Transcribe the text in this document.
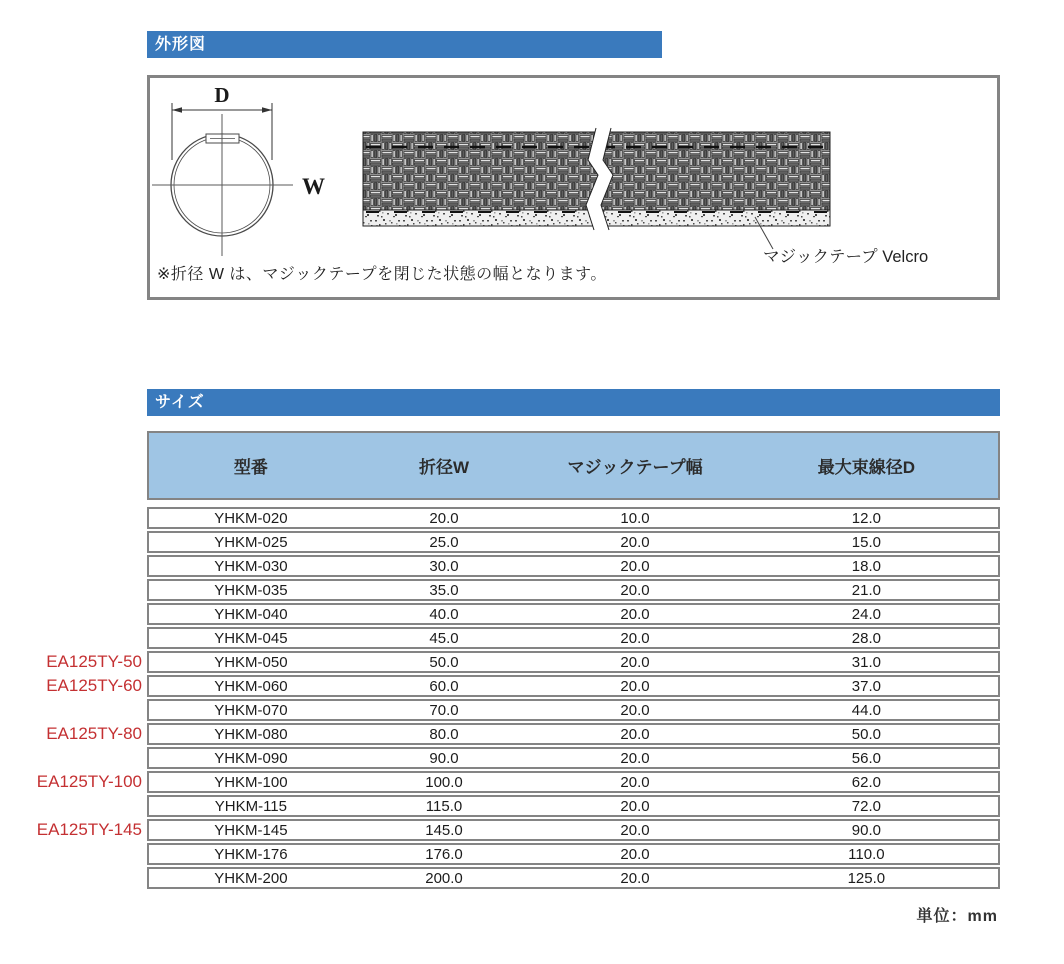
外形図
D
W
マジックテープ Velcro
※折径 W は、マジックテープを閉じた状態の幅となります。
サイズ
型番	折径W	マジックテープ幅	最大束線径D
YHKM-020	20.0	10.0	12.0
YHKM-025	25.0	20.0	15.0
YHKM-030	30.0	20.0	18.0
YHKM-035	35.0	20.0	21.0
YHKM-040	40.0	20.0	24.0
YHKM-045	45.0	20.0	28.0
EA125TY-50	YHKM-050	50.0	20.0	31.0
EA125TY-60	YHKM-060	60.0	20.0	37.0
YHKM-070	70.0	20.0	44.0
EA125TY-80	YHKM-080	80.0	20.0	50.0
YHKM-090	90.0	20.0	56.0
EA125TY-100	YHKM-100	100.0	20.0	62.0
YHKM-115	115.0	20.0	72.0
EA125TY-145	YHKM-145	145.0	20.0	90.0
YHKM-176	176.0	20.0	110.0
YHKM-200	200.0	20.0	125.0
単位：mm
